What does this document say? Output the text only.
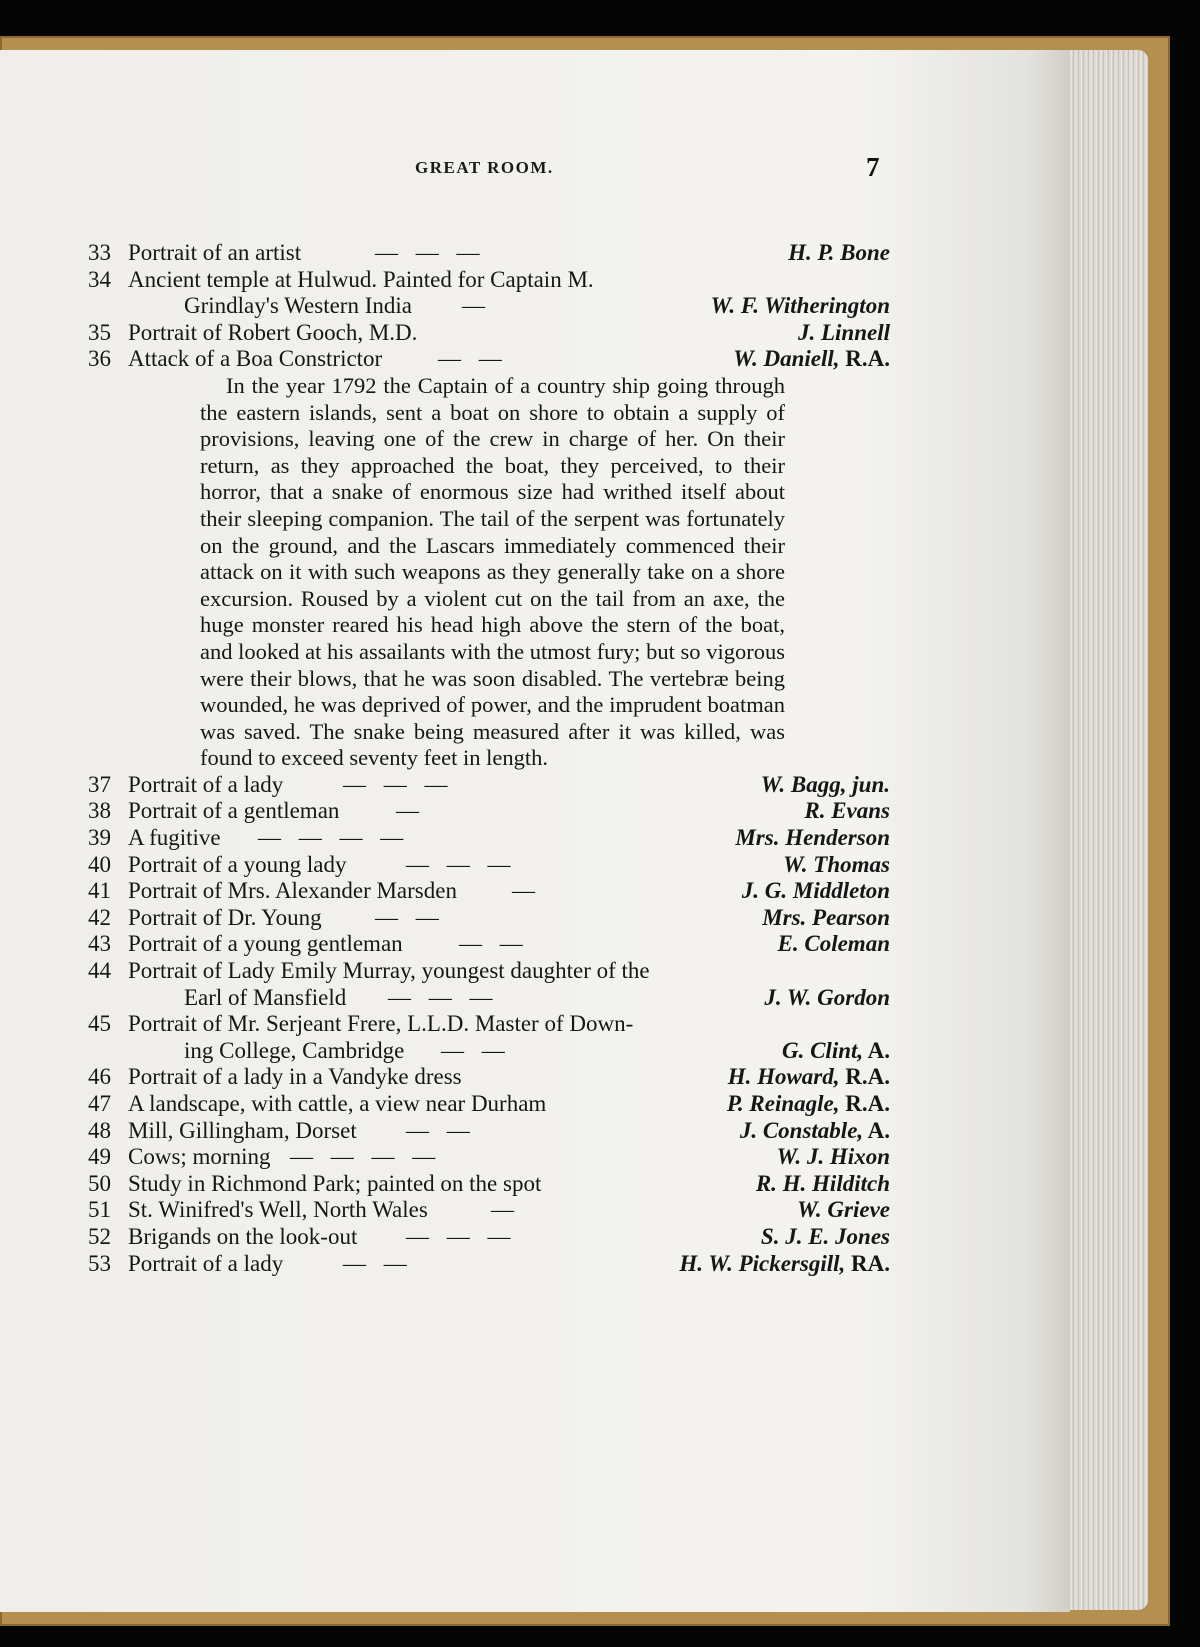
GREAT ROOM.	7
33 Portrait of an artist	— — —	H. P. Bone
34 Ancient temple at Hulwud. Painted for Captain M.
Grindlay's Western India —	W. F. Witherington
35 Portrait of Robert Gooch, M.D.	J. Linnell
36 Attack of a Boa Constrictor — —	W. Daniell, R.A.

In the year 1792 the Captain of a country ship going through the eastern islands, sent a boat on shore to obtain a supply of provisions, leaving one of the crew in charge of her. On their return, as they approached the boat, they perceived, to their horror, that a snake of enormous size had writhed itself about their sleeping companion. The tail of the serpent was fortunately on the ground, and the Lascars immediately commenced their attack on it with such weapons as they generally take on a shore excursion. Roused by a violent cut on the tail from an axe, the huge monster reared his head high above the stern of the boat, and looked at his assailants with the utmost fury; but so vigorous were their blows, that he was soon disabled. The vertebræ being wounded, he was deprived of power, and the imprudent boatman was saved. The snake being measured after it was killed, was found to exceed seventy feet in length.

37 Portrait of a lady	— — —	W. Bagg, jun.
38 Portrait of a gentleman —	R. Evans
39 A fugitive — — — —	Mrs. Henderson
40 Portrait of a young lady	— — —	W. Thomas
41 Portrait of Mrs. Alexander Marsden —	J. G. Middleton
42 Portrait of Dr. Young — —	Mrs. Pearson
43 Portrait of a young gentleman — —	E. Coleman
44 Portrait of Lady Emily Murray, youngest daughter of the
Earl of Mansfield — — —	J. W. Gordon
45 Portrait of Mr. Serjeant Frere, L.L.D. Master of Down-
ing College, Cambridge — —	G. Clint, A.
46 Portrait of a lady in a Vandyke dress	H. Howard, R.A.
47 A landscape, with cattle, a view near Durham	P. Reinagle, R.A.
48 Mill, Gillingham, Dorset — —	J. Constable, A.
49 Cows; morning — — — —	W. J. Hixon
50 Study in Richmond Park; painted on the spot	R. H. Hilditch
51 St. Winifred's Well, North Wales	—	W. Grieve
52 Brigands on the look-out — — —	S. J. E. Jones
53 Portrait of a lady	— —	H. W. Pickersgill, RA.
